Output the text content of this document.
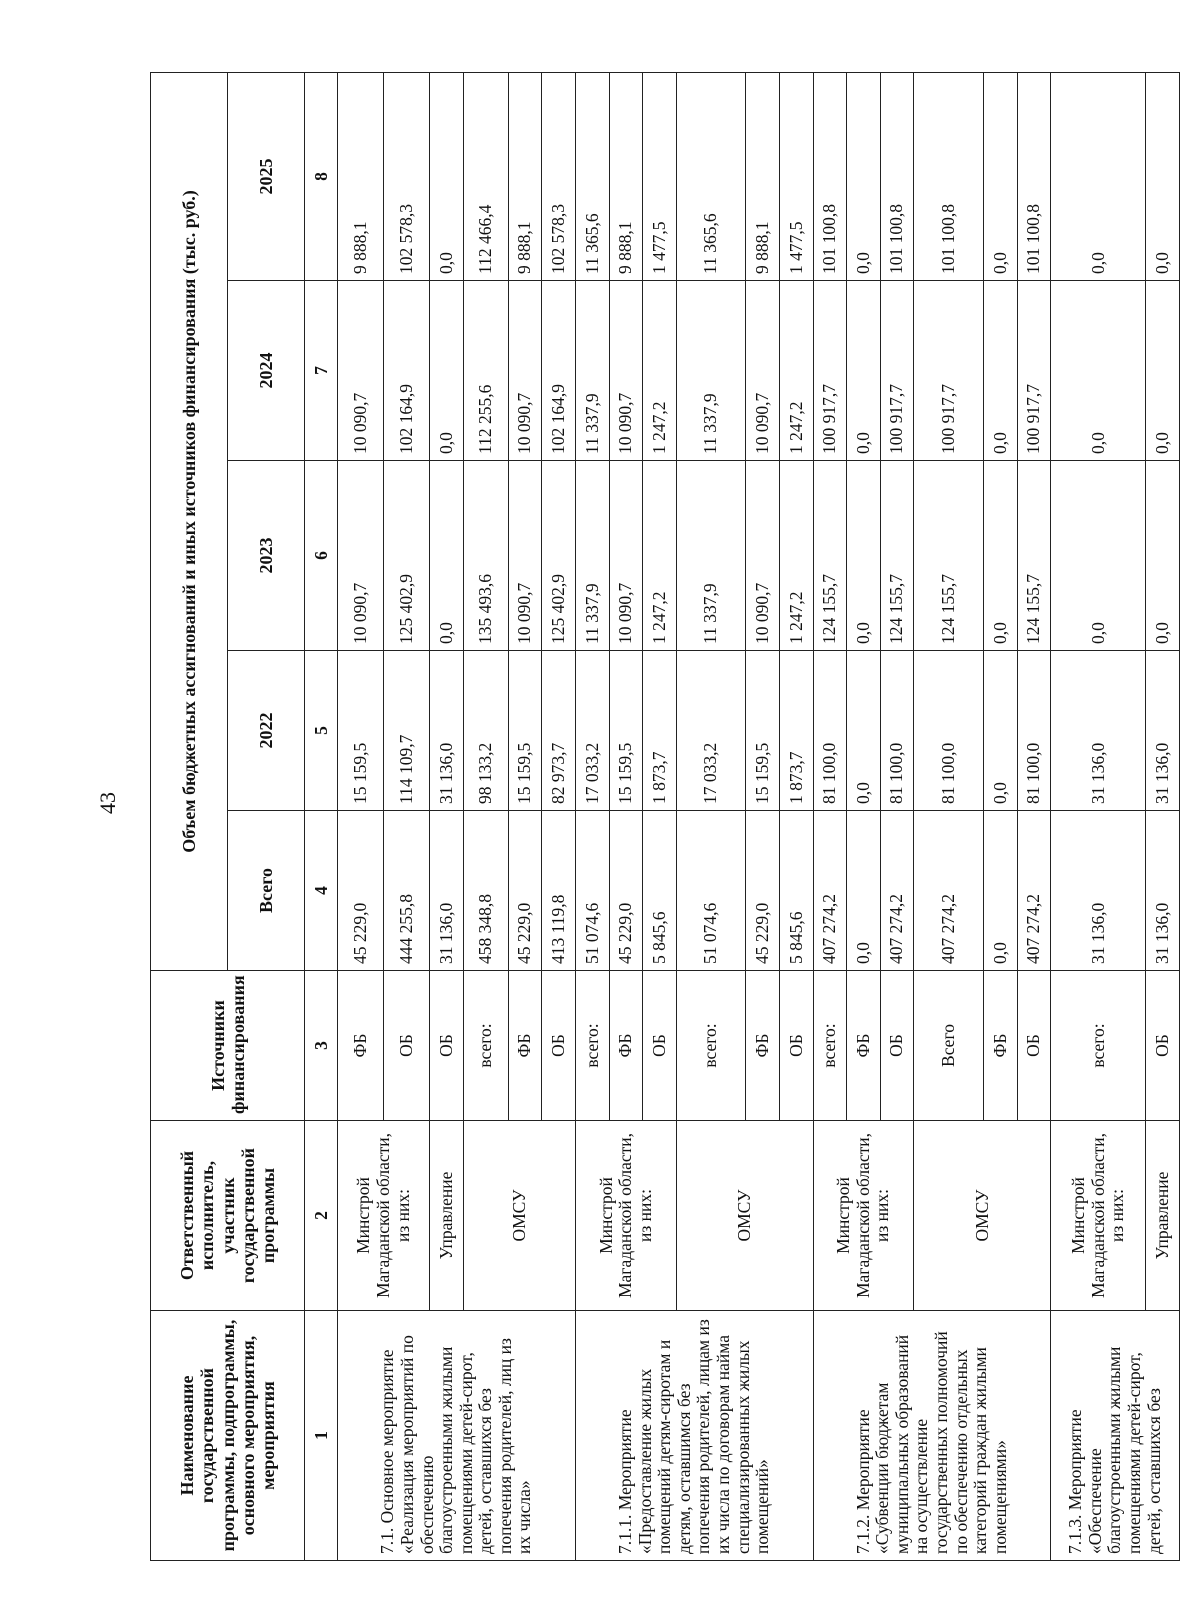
43
Наименование государственной программы, подпрограммы, основного мероприятия, мероприятия	Ответственный исполнитель, участник государственной программы	Источники финансирования	Объем бюджетных ассигнований и иных источников финансирования (тыс. руб.)				
			Всего	2022	2023	2024	2025
1	2	3	4	5	6	7	8
7.1. Основное мероприятие «Реализация мероприятий по обеспечению благоустроенными жилыми помещениями детей-сирот, детей, оставшихся без попечения родителей, лиц из их числа»	Минстрой Магаданской области, из них:	ФБ	45 229,0	15 159,5	10 090,7	10 090,7	9 888,1
		ОБ	444 255,8	114 109,7	125 402,9	102 164,9	102 578,3
	Управление	ОБ	31 136,0	31 136,0	0,0	0,0	0,0
	ОМСУ	всего:	458 348,8	98 133,2	135 493,6	112 255,6	112 466,4
		ФБ	45 229,0	15 159,5	10 090,7	10 090,7	9 888,1
		ОБ	413 119,8	82 973,7	125 402,9	102 164,9	102 578,3
7.1.1. Мероприятие «Предоставление жилых помещений детям-сиротам и детям, оставшимся без попечения родителей, лицам из их числа по договорам найма специализированных жилых помещений»	Минстрой Магаданской области, из них:	всего:	51 074,6	17 033,2	11 337,9	11 337,9	11 365,6
		ФБ	45 229,0	15 159,5	10 090,7	10 090,7	9 888,1
		ОБ	5 845,6	1 873,7	1 247,2	1 247,2	1 477,5
	ОМСУ	всего:	51 074,6	17 033,2	11 337,9	11 337,9	11 365,6
		ФБ	45 229,0	15 159,5	10 090,7	10 090,7	9 888,1
		ОБ	5 845,6	1 873,7	1 247,2	1 247,2	1 477,5
7.1.2. Мероприятие «Субвенции бюджетам муниципальных образований на осуществление государственных полномочий по обеспечению отдельных категорий граждан жилыми помещениями»	Минстрой Магаданской области, из них:	всего:	407 274,2	81 100,0	124 155,7	100 917,7	101 100,8
		ФБ	0,0	0,0	0,0	0,0	0,0
		ОБ	407 274,2	81 100,0	124 155,7	100 917,7	101 100,8
	ОМСУ	Всего	407 274,2	81 100,0	124 155,7	100 917,7	101 100,8
		ФБ	0,0	0,0	0,0	0,0	0,0
		ОБ	407 274,2	81 100,0	124 155,7	100 917,7	101 100,8
7.1.3. Мероприятие «Обеспечение благоустроенными жилыми помещениями детей-сирот, детей, оставшихся без	Минстрой Магаданской области, из них:	всего:	31 136,0	31 136,0	0,0	0,0	0,0
	Управление	ОБ	31 136,0	31 136,0	0,0	0,0	0,0
